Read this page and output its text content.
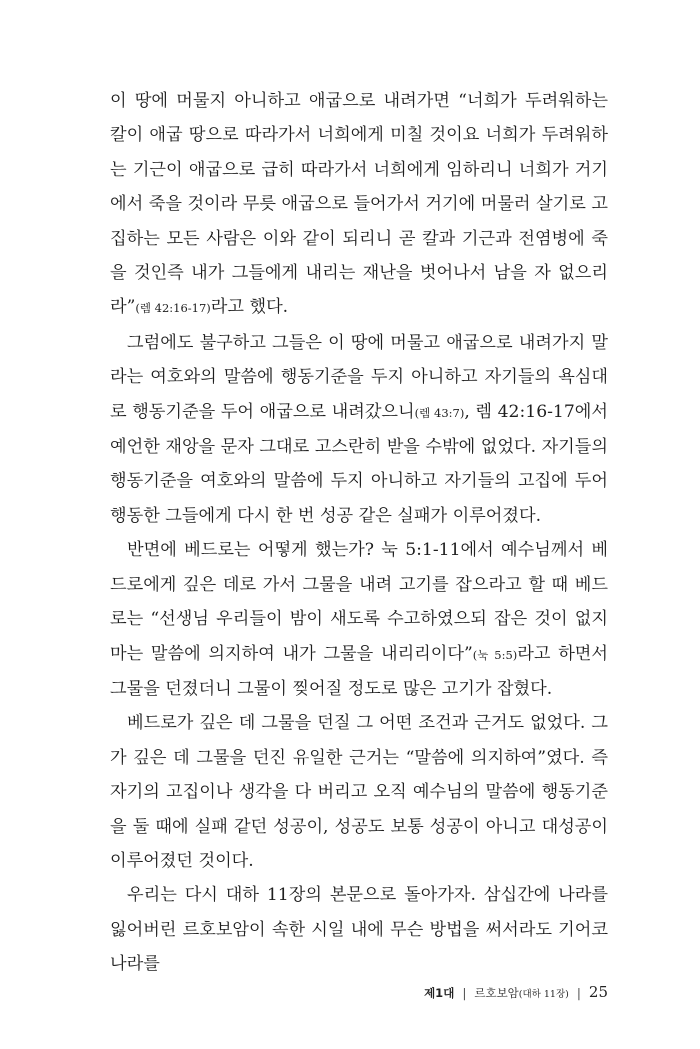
이 땅에 머물지 아니하고 애굽으로 내려가면 “너희가 두려워하는 칼이 애굽 땅으로 따라가서 너희에게 미칠 것이요 너희가 두려워하는 기근이 애굽으로 급히 따라가서 너희에게 임하리니 너희가 거기에서 죽을 것이라 무릇 애굽으로 들어가서 거기에 머물러 살기로 고집하는 모든 사람은 이와 같이 되리니 곧 칼과 기근과 전염병에 죽을 것인즉 내가 그들에게 내리는 재난을 벗어나서 남을 자 없으리라”(렘 42:16-17)라고 했다.

그럼에도 불구하고 그들은 이 땅에 머물고 애굽으로 내려가지 말라는 여호와의 말씀에 행동기준을 두지 아니하고 자기들의 욕심대로 행동기준을 두어 애굽으로 내려갔으니(렘 43:7), 렘 42:16-17에서 예언한 재앙을 문자 그대로 고스란히 받을 수밖에 없었다. 자기들의 행동기준을 여호와의 말씀에 두지 아니하고 자기들의 고집에 두어 행동한 그들에게 다시 한 번 성공 같은 실패가 이루어졌다.

반면에 베드로는 어떻게 했는가? 눅 5:1-11에서 예수님께서 베드로에게 깊은 데로 가서 그물을 내려 고기를 잡으라고 할 때 베드로는 “선생님 우리들이 밤이 새도록 수고하였으되 잡은 것이 없지마는 말씀에 의지하여 내가 그물을 내리리이다”(눅 5:5)라고 하면서 그물을 던졌더니 그물이 찢어질 정도로 많은 고기가 잡혔다.

베드로가 깊은 데 그물을 던질 그 어떤 조건과 근거도 없었다. 그가 깊은 데 그물을 던진 유일한 근거는 “말씀에 의지하여”였다. 즉 자기의 고집이나 생각을 다 버리고 오직 예수님의 말씀에 행동기준을 둘 때에 실패 같던 성공이, 성공도 보통 성공이 아니고 대성공이 이루어졌던 것이다.

우리는 다시 대하 11장의 본문으로 돌아가자. 삼십간에 나라를 잃어버린 르호보암이 속한 시일 내에 무슨 방법을 써서라도 기어코 나라를

제1대 | 르호보암 (대하 11장) | 25
